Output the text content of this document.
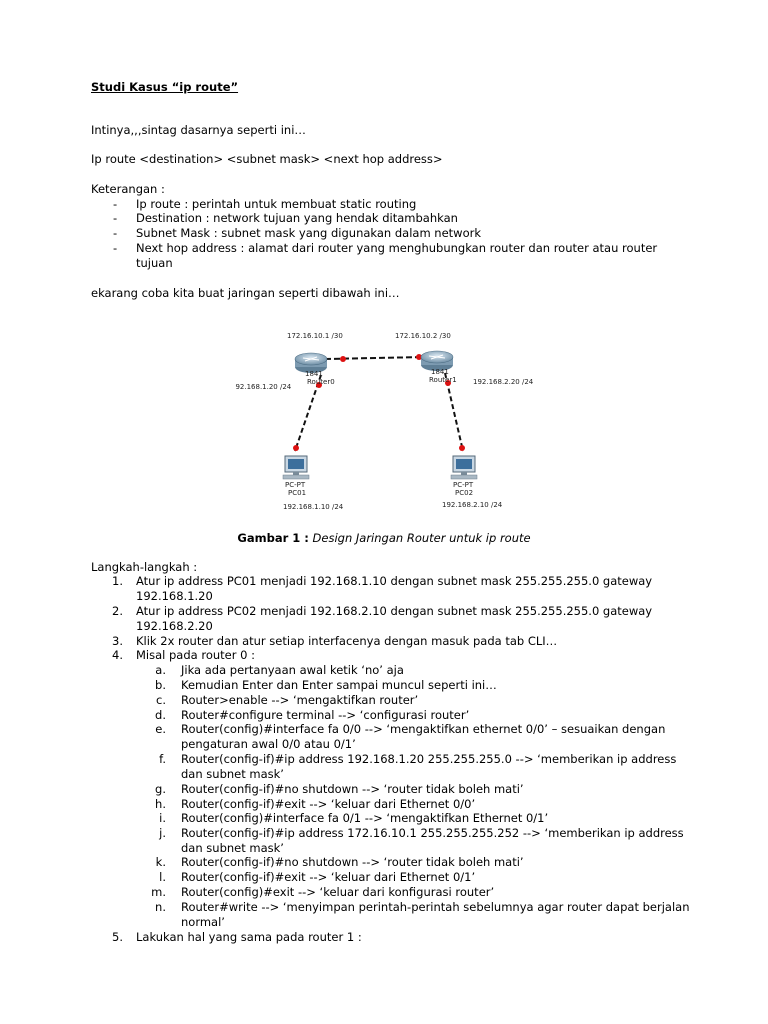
Studi Kasus “ip route”
Intinya,,,sintag dasarnya seperti ini…
Ip route <destination> <subnet mask> <next hop address>
Keterangan :
- Ip route : perintah untuk membuat static routing
- Destination : network tujuan yang hendak ditambahkan
- Subnet Mask : subnet mask yang digunakan dalam network
- Next hop address : alamat dari router yang menghubungkan router dan router atau router
tujuan
ekarang coba kita buat jaringan seperti dibawah ini…
172.16.10.1 /30	172.16.10.2 /30
1841
Router0
1841
Router1
192.168.1.20 /24
192.168.2.20 /24
PC-PT
PC01
192.168.1.10 /24
PC-PT
PC02
192.168.2.10 /24
Gambar 1 : Design Jaringan Router untuk ip route
Langkah-langkah :
1. Atur ip address PC01 menjadi 192.168.1.10 dengan subnet mask 255.255.255.0 gateway
192.168.1.20
2. Atur ip address PC02 menjadi 192.168.2.10 dengan subnet mask 255.255.255.0 gateway
192.168.2.20
3. Klik 2x router dan atur setiap interfacenya dengan masuk pada tab CLI…
4. Misal pada router 0 :
a. Jika ada pertanyaan awal ketik ‘no’ aja
b. Kemudian Enter dan Enter sampai muncul seperti ini…
c. Router>enable --> ‘mengaktifkan router’
d. Router#configure terminal --> ‘configurasi router’
e. Router(config)#interface fa 0/0 --> ‘mengaktifkan ethernet 0/0’ – sesuaikan dengan
pengaturan awal 0/0 atau 0/1’
f. Router(config-if)#ip address 192.168.1.20 255.255.255.0 --> ‘memberikan ip address
dan subnet mask’
g. Router(config-if)#no shutdown --> ‘router tidak boleh mati’
h. Router(config-if)#exit --> ‘keluar dari Ethernet 0/0’
i. Router(config)#interface fa 0/1 --> ‘mengaktifkan Ethernet 0/1’
j. Router(config-if)#ip address 172.16.10.1 255.255.255.252 --> ‘memberikan ip address
dan subnet mask’
k. Router(config-if)#no shutdown --> ‘router tidak boleh mati’
l. Router(config-if)#exit --> ‘keluar dari Ethernet 0/1’
m. Router(config)#exit --> ‘keluar dari konfigurasi router’
n. Router#write --> ‘menyimpan perintah-perintah sebelumnya agar router dapat berjalan
normal’
5. Lakukan hal yang sama pada router 1 :
